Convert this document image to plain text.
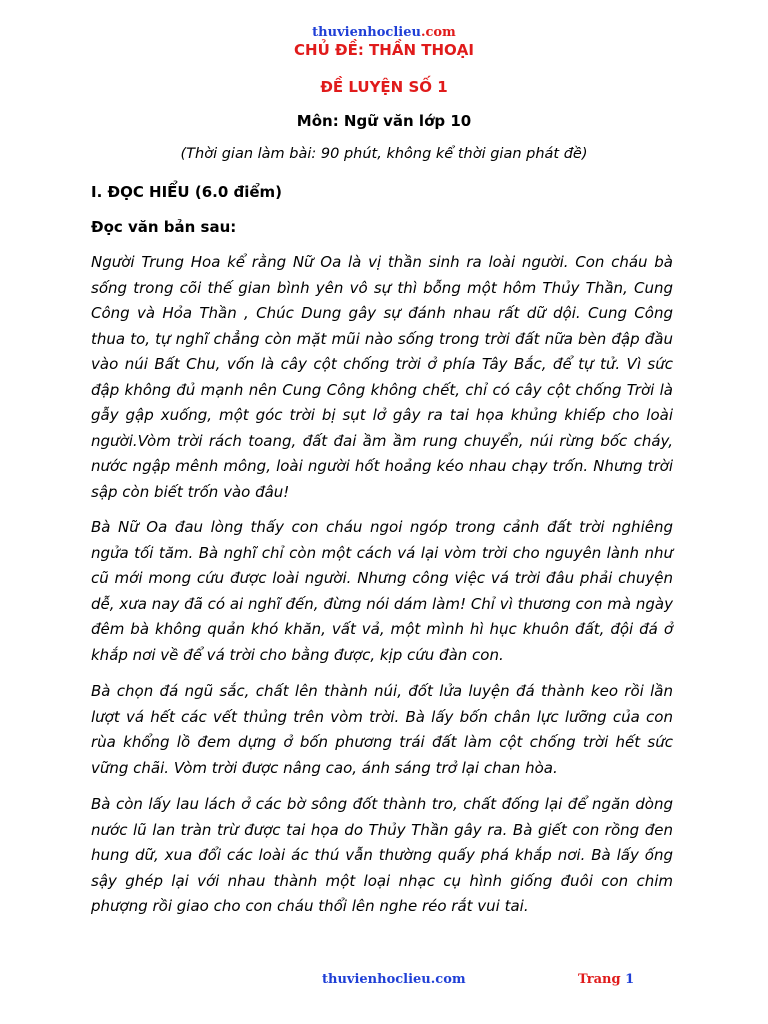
thuvienhoclieu.com
CHỦ ĐỀ: THẦN THOẠI
ĐỀ LUYỆN SỐ 1
Môn: Ngữ văn lớp 10
(Thời gian làm bài: 90 phút, không kể thời gian phát đề)
I. ĐỌC HIỂU (6.0 điểm)
Đọc văn bản sau:

Người Trung Hoa kể rằng Nữ Oa là vị thần sinh ra loài người. Con cháu bà sống trong cõi thế gian bình yên vô sự thì bỗng một hôm Thủy Thần, Cung Công và Hỏa Thần , Chúc Dung gây sự đánh nhau rất dữ dội. Cung Công thua to, tự nghĩ chẳng còn mặt mũi nào sống trong trời đất nữa bèn đập đầu vào núi Bất Chu, vốn là cây cột chống trời ở phía Tây Bắc, để tự tử. Vì sức đập không đủ mạnh nên Cung Công không chết, chỉ có cây cột chống Trời là gẫy gập xuống, một góc trời bị sụt lở gây ra tai họa khủng khiếp cho loài người.Vòm trời rách toang, đất đai ầm ầm rung chuyển, núi rừng bốc cháy, nước ngập mênh mông, loài người hốt hoảng kéo nhau chạy trốn. Nhưng trời sập còn biết trốn vào đâu!

Bà Nữ Oa đau lòng thấy con cháu ngoi ngóp trong cảnh đất trời nghiêng ngửa tối tăm. Bà nghĩ chỉ còn một cách vá lại vòm trời cho nguyên lành như cũ mới mong cứu được loài người. Nhưng công việc vá trời đâu phải chuyện dễ, xưa nay đã có ai nghĩ đến, đừng nói dám làm! Chỉ vì thương con mà ngày đêm bà không quản khó khăn, vất vả, một mình hì hục khuôn đất, đội đá ở khắp nơi về để vá trời cho bằng được, kịp cứu đàn con.

Bà chọn đá ngũ sắc, chất lên thành núi, đốt lửa luyện đá thành keo rồi lần lượt vá hết các vết thủng trên vòm trời. Bà lấy bốn chân lực lưỡng của con rùa khổng lồ đem dựng ở bốn phương trái đất làm cột chống trời hết sức vững chãi. Vòm trời được nâng cao, ánh sáng trở lại chan hòa.

Bà còn lấy lau lách ở các bờ sông đốt thành tro, chất đống lại để ngăn dòng nước lũ lan tràn trừ được tai họa do Thủy Thần gây ra. Bà giết con rồng đen hung dữ, xua đổi các loài ác thú vẫn thường quấy phá khắp nơi. Bà lấy ống sậy ghép lại với nhau thành một loại nhạc cụ hình giống đuôi con chim phượng rồi giao cho con cháu thổi lên nghe réo rắt vui tai.

thuvienhoclieu.com	Trang 1
